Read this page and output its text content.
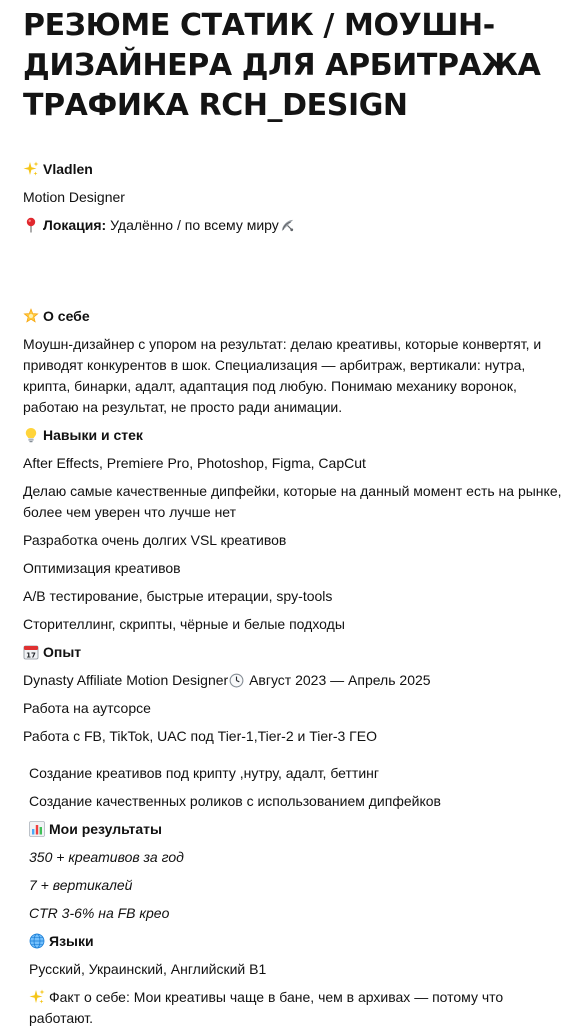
РЕЗЮМЕ СТАТИК / МОУШН-ДИЗАЙНЕРА ДЛЯ АРБИТРАЖА ТРАФИКА RCH_DESIGN
Vladlen
Motion Designer
Локация: Удалённо / по всему миру
О себе
Моушн-дизайнер с упором на результат: делаю креативы, которые конвертят, и приводят конкурентов в шок. Специализация — арбитраж, вертикали: нутра, крипта, бинарки, адалт, адаптация под любую. Понимаю механику воронок, работаю на результат, не просто ради анимации.
Навыки и стек
After Effects, Premiere Pro, Photoshop, Figma, CapCut
Делаю самые качественные дипфейки, которые на данный момент есть на рынке, более чем уверен что лучше нет
Разработка очень долгих VSL креативов
Оптимизация креативов
A/B тестирование, быстрые итерации, spy-tools
Сторителлинг, скрипты, чёрные и белые подходы
17 Опыт
Dynasty Affiliate Motion Designer Август 2023 — Апрель 2025
Работа на аутсорсе
Работа с FB, TikTok, UAC под Tier-1,Tier-2 и Tier-3 ГЕО
Создание креативов под крипту ,нутру, адалт, беттинг
Создание качественных роликов с использованием дипфейков
Мои результаты
350 + креативов за год
7 + вертикалей
CTR 3-6% на FB крео
Языки
Русский, Украинский, Английский В1
Факт о себе: Мои креативы чаще в бане, чем в архивах — потому что работают.
